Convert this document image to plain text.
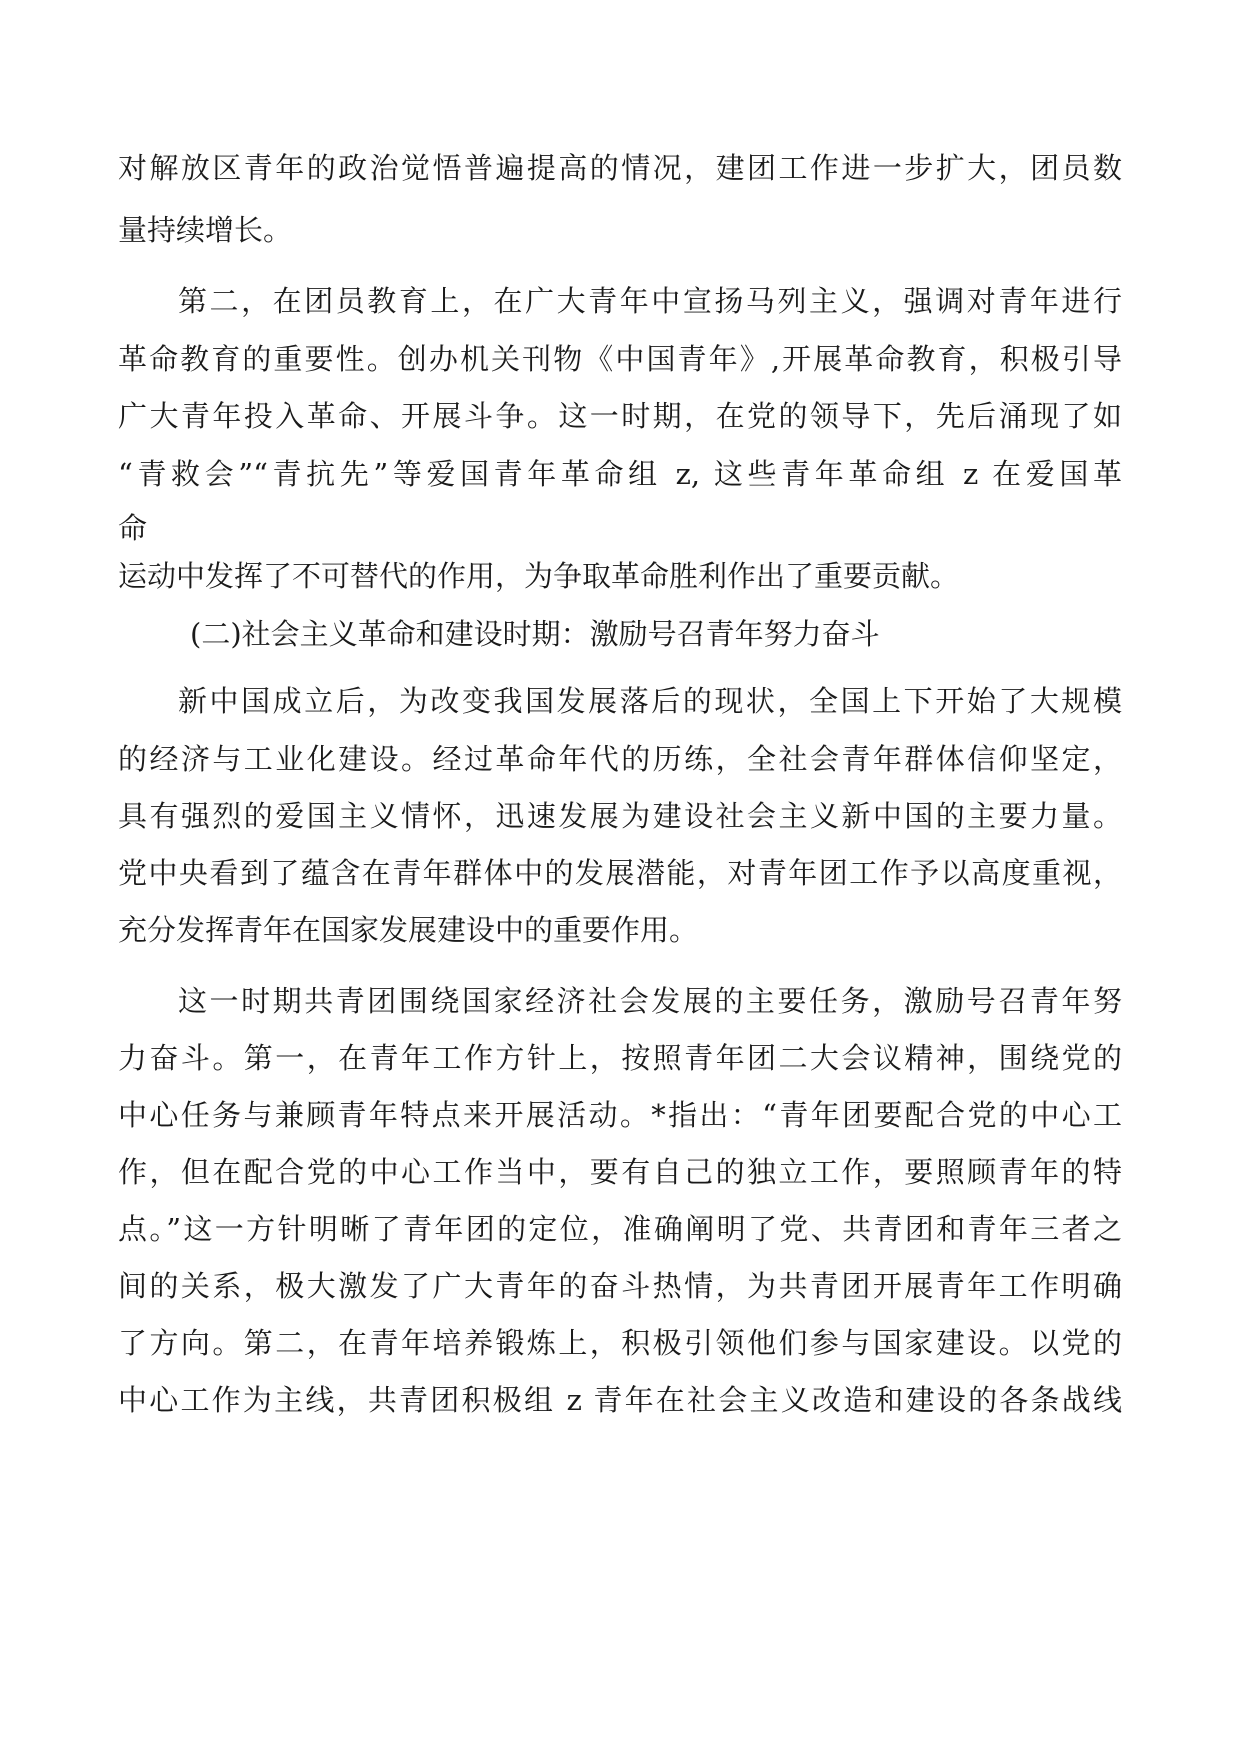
对解放区青年的政治觉悟普遍提高的情况，建团工作进一步扩大，团员数

量持续增长。

第二，在团员教育上，在广大青年中宣扬马列主义，强调对青年进行

革命教育的重要性。创办机关刊物《中国青年》,开展革命教育，积极引导

广大青年投入革命、开展斗争。这一时期，在党的领导下，先后涌现了如

“青救会”“青抗先”等爱国青年革命组 z, 这些青年革命组 z 在爱国革

命

运动中发挥了不可替代的作用，为争取革命胜利作出了重要贡献。

(二)社会主义革命和建设时期：激励号召青年努力奋斗

新中国成立后，为改变我国发展落后的现状，全国上下开始了大规模

的经济与工业化建设。经过革命年代的历练，全社会青年群体信仰坚定，

具有强烈的爱国主义情怀，迅速发展为建设社会主义新中国的主要力量。

党中央看到了蕴含在青年群体中的发展潜能，对青年团工作予以高度重视，

充分发挥青年在国家发展建设中的重要作用。

这一时期共青团围绕国家经济社会发展的主要任务，激励号召青年努

力奋斗。第一，在青年工作方针上，按照青年团二大会议精神，围绕党的

中心任务与兼顾青年特点来开展活动。*指出：“青年团要配合党的中心工

作，但在配合党的中心工作当中，要有自己的独立工作，要照顾青年的特

点。”这一方针明晰了青年团的定位，准确阐明了党、共青团和青年三者之

间的关系，极大激发了广大青年的奋斗热情，为共青团开展青年工作明确

了方向。第二，在青年培养锻炼上，积极引领他们参与国家建设。以党的

中心工作为主线，共青团积极组 z 青年在社会主义改造和建设的各条战线
